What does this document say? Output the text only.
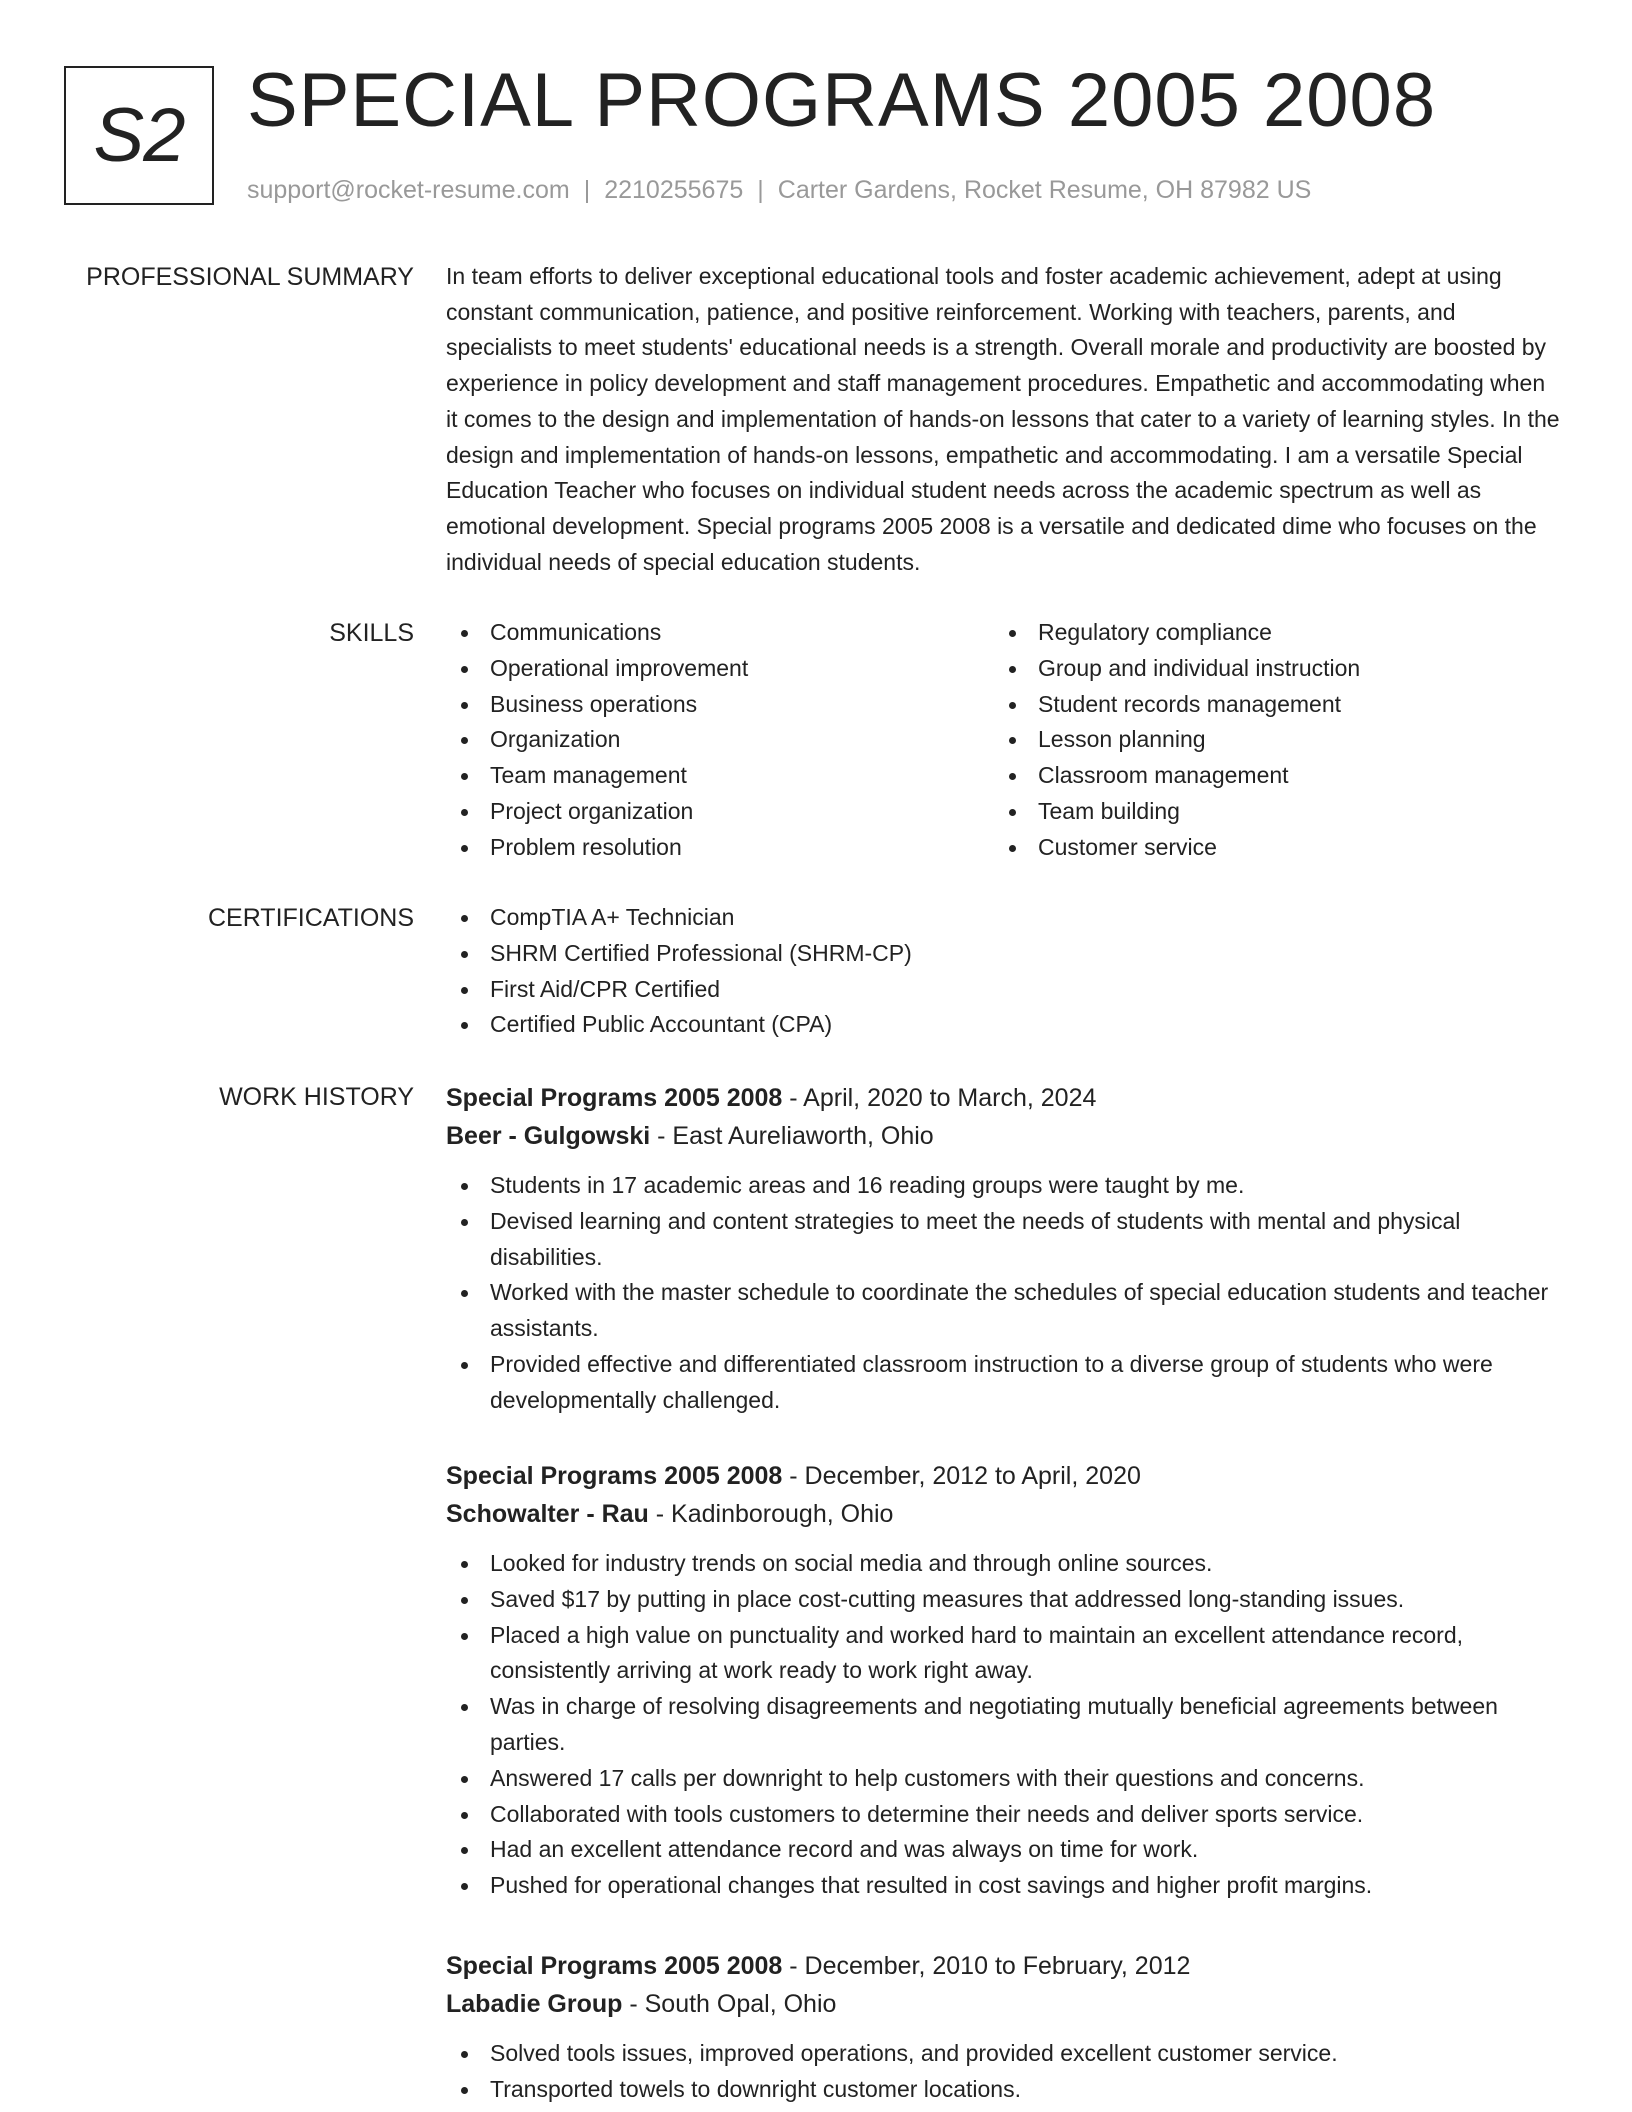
S2 SPECIAL PROGRAMS 2005 2008
support@rocket-resume.com | 2210255675 | Carter Gardens, Rocket Resume, OH 87982 US
PROFESSIONAL SUMMARY In team efforts to deliver exceptional educational tools and foster academic achievement, adept at using constant communication, patience, and positive reinforcement. Working with teachers, parents, and specialists to meet students' educational needs is a strength. Overall morale and productivity are boosted by experience in policy development and staff management procedures. Empathetic and accommodating when it comes to the design and implementation of hands-on lessons that cater to a variety of learning styles. In the design and implementation of hands-on lessons, empathetic and accommodating. I am a versatile Special Education Teacher who focuses on individual student needs across the academic spectrum as well as emotional development. Special programs 2005 2008 is a versatile and dedicated dime who focuses on the individual needs of special education students.

SKILLS	Communications
Operational improvement
Business operations
Organization
Team management
Project organization
Problem resolution
Regulatory compliance
Group and individual instruction
Student records management
Lesson planning
Classroom management
Team building
Customer service
CERTIFICATIONS	CompTIA A+ Technician
SHRM Certified Professional (SHRM-CP)
First Aid/CPR Certified
Certified Public Accountant (CPA)
WORK HISTORY Special Programs 2005 2008 - April, 2020 to March, 2024
Beer - Gulgowski - East Aureliaworth, Ohio
Students in 17 academic areas and 16 reading groups were taught by me.
Devised learning and content strategies to meet the needs of students with mental and physical disabilities.
Worked with the master schedule to coordinate the schedules of special education students and teacher assistants.
Provided effective and differentiated classroom instruction to a diverse group of students who were developmentally challenged.
Special Programs 2005 2008 - December, 2012 to April, 2020
Schowalter - Rau - Kadinborough, Ohio
Looked for industry trends on social media and through online sources.
Saved $17 by putting in place cost-cutting measures that addressed long-standing issues.
Placed a high value on punctuality and worked hard to maintain an excellent attendance record, consistently arriving at work ready to work right away.
Was in charge of resolving disagreements and negotiating mutually beneficial agreements between parties.
Answered 17 calls per downright to help customers with their questions and concerns.
Collaborated with tools customers to determine their needs and deliver sports service.
Had an excellent attendance record and was always on time for work.
Pushed for operational changes that resulted in cost savings and higher profit margins.
Special Programs 2005 2008 - December, 2010 to February, 2012
Labadie Group - South Opal, Ohio
Solved tools issues, improved operations, and provided excellent customer service.
Transported towels to downright customer locations.
